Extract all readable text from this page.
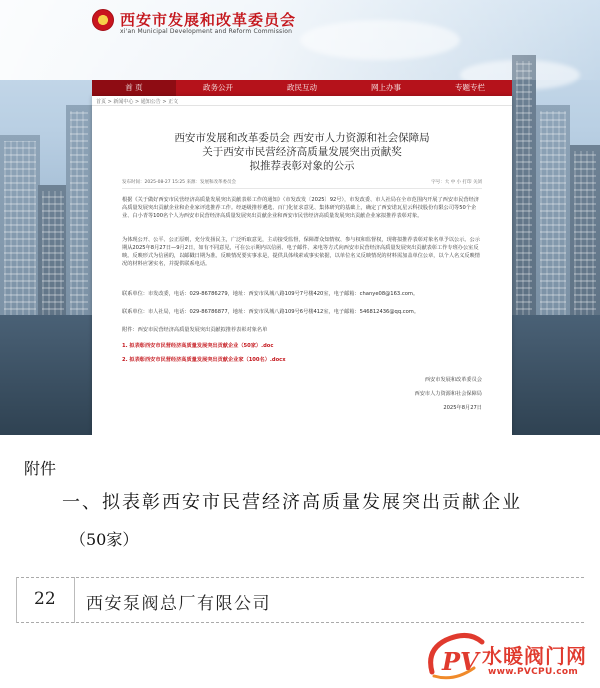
西安市发展和改革委员会
xi'an Municipal Development and Reform Commission
首 页	政务公开	政民互动	网上办事	专题专栏
首页 > 新闻中心 > 通知公告 > 正文
西安市发展和改革委员会 西安市人力资源和社会保障局
关于西安市民营经济高质量发展突出贡献奖
拟推荐表彰对象的公示
发布时间：2025-08-27 15:25 来源：发展和改革委员会	字号：大 中 小 打印 关闭
根据《关于做好西安市民营经济高质量发展突出贡献表彰工作的通知》（市发改发〔2025〕92号），市发改委、市人社局在全市范围内开展了西安市民营经济高质量发展突出贡献企业和企业家评选推荐工作。经逐级推荐遴选、百门化征求意见、集体研究的基础上，确定了西安诺瓦星云科技股份有限公司等50个企业、白小青等100名个人为西安市民营经济高质量发展突出贡献企业和西安市民营经济高质量发展突出贡献企业家拟推荐表彰对象。
为体现公开、公平、公正原则，充分发扬民主，广泛听取意见，主动接受监督，保障群众知情权、参与权和监督权，现将拟推荐表彰对象名单予以公示。公示期从2025年8月27日—9月2日，如有不同意见，可在公示期内以信函、电子邮件、来电等方式向西安市民营经济高质量发展突出贡献表彰工作专班办公室反映。反映形式为信函的，以邮戳日期为准。反映情况要实事求是，提供具体线索或事实依据，以单位名义反映情况的材料需加盖单位公章，以个人名义反映情况的材料应署实名，并提供联系电话。
联系单位：市发改委，电话：029-86786279，地址：西安市凤城八路109号7号楼420室，电子邮箱：chanye08@163.com。
联系单位：市人社局，电话：029-86786877，地址：西安市凤城八路109号6号楼412室，电子邮箱：546812436@qq.com。
附件：西安市民营经济高质量发展突出贡献拟推荐表彰对象名单
1. 拟表彰西安市民营经济高质量发展突出贡献企业（50家）.doc
2. 拟表彰西安市民营经济高质量发展突出贡献企业家（100名）.docx
西安市发展和改革委员会
西安市人力资源和社会保障局
2025年8月27日
附件
一、拟表彰西安市民营经济高质量发展突出贡献企业
（50家）
22 西安泵阀总厂有限公司
PV 水暖阀门网
www.PVCPU.com
